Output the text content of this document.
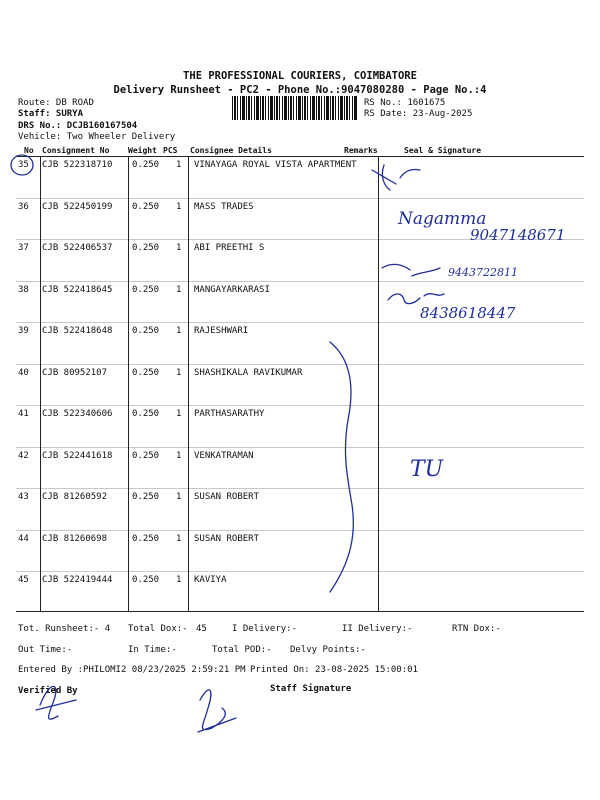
THE PROFESSIONAL COURIERS, COIMBATORE
Delivery Runsheet - PC2 - Phone No.:9047080280 - Page No.:4
Route: DB ROAD
Staff: SURYA
DRS No.: DCJB160167504
Vehicle: Two Wheeler Delivery
RS No.: 1601675
RS Date: 23-Aug-2025
No Consignment No Weight PCS Consignee Details	Remarks	Seal & Signature
35 CJB 522318710 0.250 1 VINAYAGA ROYAL VISTA APARTMENT
36 CJB 522450199 0.250 1 MASS TRADES
37 CJB 522406537 0.250 1 ABI PREETHI S
38 CJB 522418645 0.250 1 MANGAYARKARASI
39 CJB 522418648 0.250 1 RAJESHWARI
40 CJB 80952107	0.250 1 SHASHIKALA RAVIKUMAR
41 CJB 522340606 0.250 1 PARTHASARATHY
42 CJB 522441618 0.250 1 VENKATRAMAN
43 CJB 81260592	0.250 1 SUSAN ROBERT
44 CJB 81260698	0.250 1 SUSAN ROBERT
45 CJB 522419444 0.250 1 KAVIYA
Tot. Runsheet:- 4 Total Dox:- 45	I Delivery:-	II Delivery:-	RTN Dox:-
Out Time:-	In Time:-	Total POD:- Delvy Points:-
Entered By :PHILOMI2 08/23/2025 2:59:21 PM Printed On: 23-08-2025 15:00:01
Verified By	Staff Signature
Nagamma
9047148671
9443722811
8438618447
TU
